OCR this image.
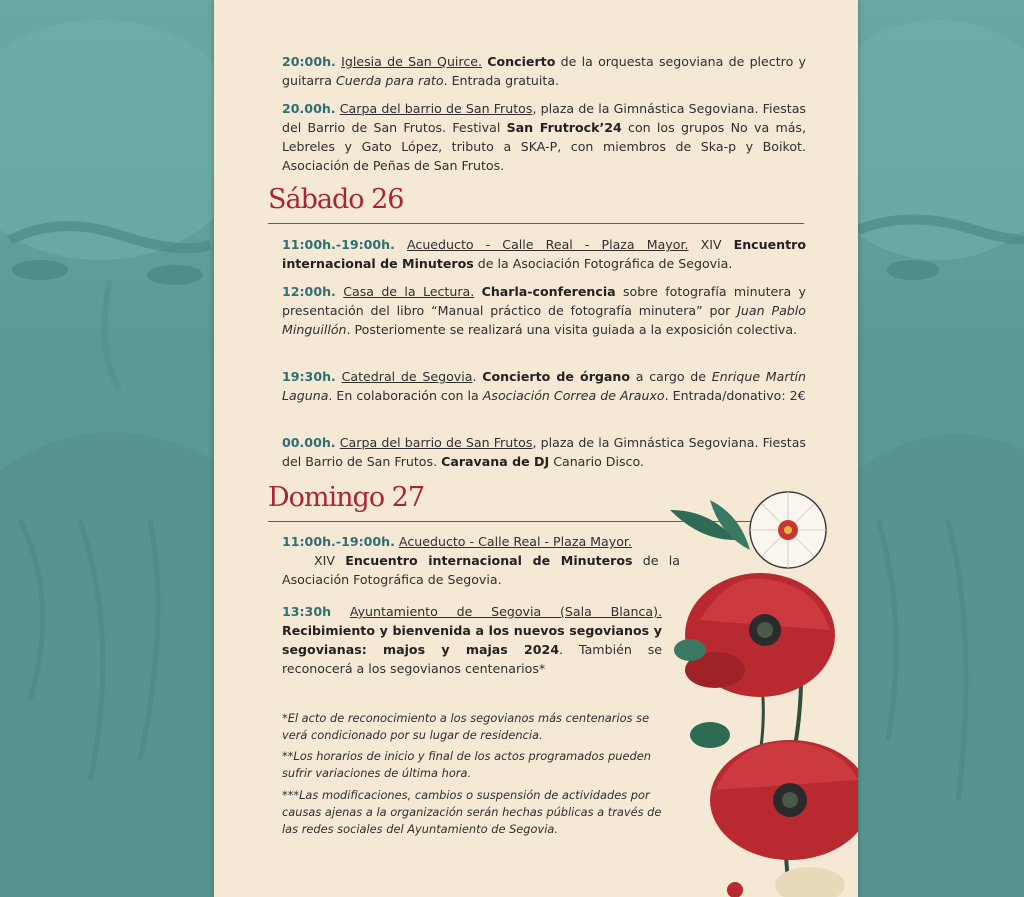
20:00h. Iglesia de San Quirce. Concierto de la orquesta segoviana de plectro y guitarra Cuerda para rato. Entrada gratuita.
20.00h. Carpa del barrio de San Frutos, plaza de la Gimnástica Segoviana. Fiestas del Barrio de San Frutos. Festival San Frutrock’24 con los grupos No va más, Lebreles y Gato López, tributo a SKA-P, con miembros de Ska-p y Boikot. Asociación de Peñas de San Frutos.
Sábado 26
11:00h.-19:00h. Acueducto - Calle Real - Plaza Mayor. XIV Encuentro internacional de Minuteros de la Asociación Fotográfica de Segovia.
12:00h. Casa de la Lectura. Charla-conferencia sobre fotografía minutera y presentación del libro “Manual práctico de fotografía minutera” por Juan Pablo Minguillón. Posteriomente se realizará una visita guiada a la exposición colectiva.
19:30h. Catedral de Segovia. Concierto de órgano a cargo de Enrique Martín Laguna. En colaboración con la Asociación Correa de Arauxo. Entrada/donativo: 2€
00.00h. Carpa del barrio de San Frutos, plaza de la Gimnástica Segoviana. Fiestas del Barrio de San Frutos. Caravana de DJ Canario Disco.
Domingo 27
11:00h.-19:00h. Acueducto - Calle Real - Plaza Mayor.
XIV Encuentro internacional de Minuteros de la Asociación Fotográfica de Segovia.
13:30h Ayuntamiento de Segovia (Sala Blanca). Recibimiento y bienvenida a los nuevos segovianos y segovianas: majos y majas 2024. También se reconocerá a los segovianos centenarios*
*El acto de reconocimiento a los segovianos más centenarios se verá condicionado por su lugar de residencia.
**Los horarios de inicio y final de los actos programados pueden sufrir variaciones de última hora.
***Las modificaciones, cambios o suspensión de actividades por causas ajenas a la organización serán hechas públicas a través de las redes sociales del Ayuntamiento de Segovia.
